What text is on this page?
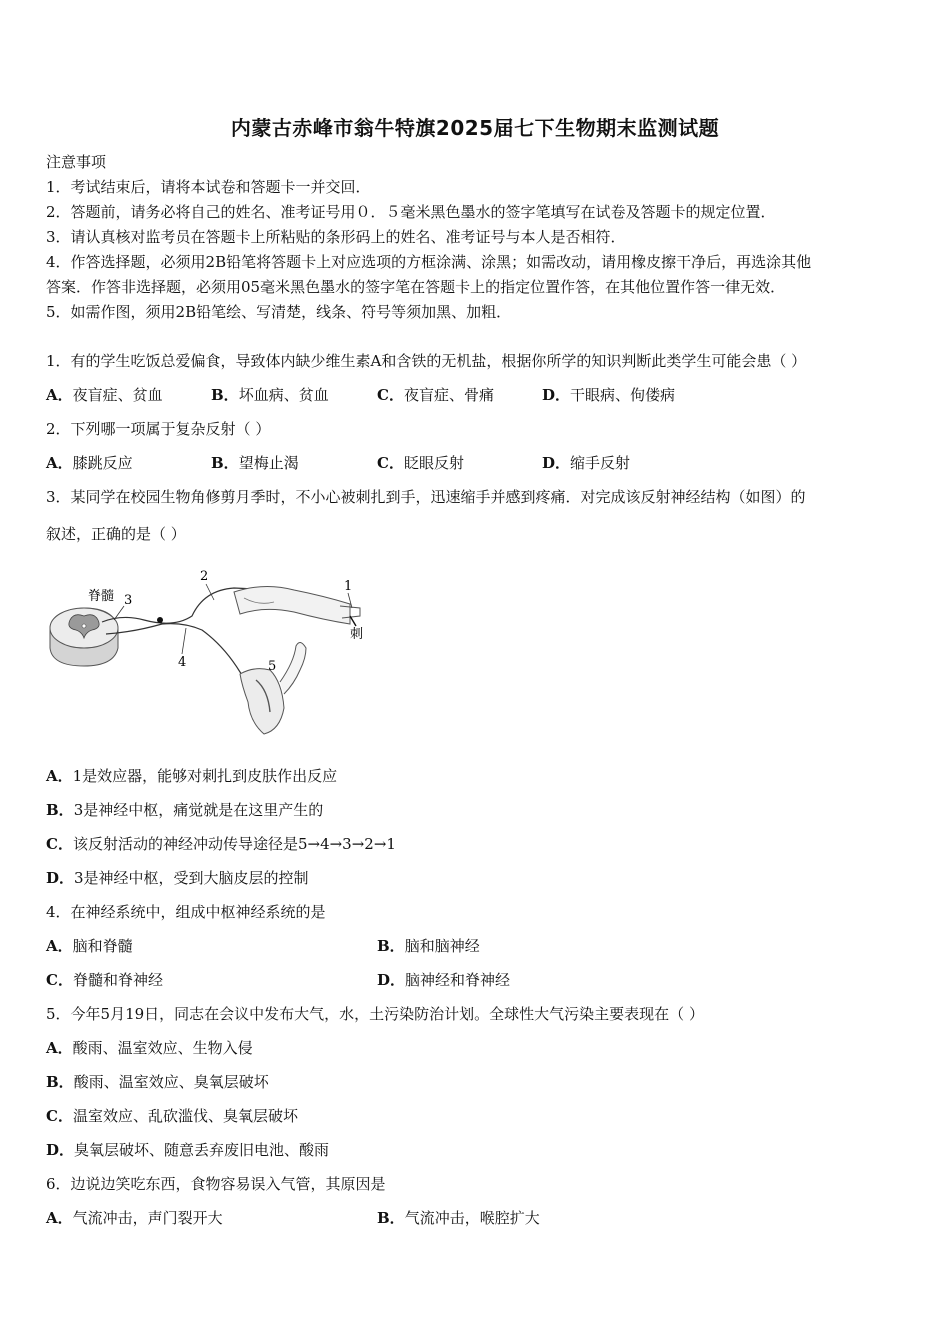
内蒙古赤峰市翁牛特旗2025届七下生物期末监测试题
注意事项
1．考试结束后，请将本试卷和答题卡一并交回．
2．答题前，请务必将自己的姓名、准考证号用０．５毫米黑色墨水的签字笔填写在试卷及答题卡的规定位置．
3．请认真核对监考员在答题卡上所粘贴的条形码上的姓名、准考证号与本人是否相符．
4．作答选择题，必须用2B铅笔将答题卡上对应选项的方框涂满、涂黑；如需改动，请用橡皮擦干净后，再选涂其他
答案．作答非选择题，必须用05毫米黑色墨水的签字笔在答题卡上的指定位置作答，在其他位置作答一律无效．
5．如需作图，须用2B铅笔绘、写清楚，线条、符号等须加黑、加粗．
1．有的学生吃饭总爱偏食，导致体内缺少维生素A和含铁的无机盐，根据你所学的知识判断此类学生可能会患（ ）
A．夜盲症、贫血	B．坏血病、贫血	C．夜盲症、骨痛	D．干眼病、佝偻病
2．下列哪一项属于复杂反射（ ）
A．膝跳反应	B．望梅止渴	C．眨眼反射	D．缩手反射
3．某同学在校园生物角修剪月季时，不小心被刺扎到手，迅速缩手并感到疼痛．对完成该反射神经结构（如图）的
叙述，正确的是（ ）
脊髓 3
2
1
刺
4	5
A．1是效应器，能够对刺扎到皮肤作出反应
B．3是神经中枢，痛觉就是在这里产生的
C．该反射活动的神经冲动传导途径是5→4→3→2→1
D．3是神经中枢，受到大脑皮层的控制
4．在神经系统中，组成中枢神经系统的是
A．脑和脊髓	B．脑和脑神经
C．脊髓和脊神经	D．脑神经和脊神经
5．今年5月19日，同志在会议中发布大气，水，土污染防治计划。全球性大气污染主要表现在（ ）
A．酸雨、温室效应、生物入侵
B．酸雨、温室效应、臭氧层破坏
C．温室效应、乱砍滥伐、臭氧层破坏
D．臭氧层破坏、随意丢弃废旧电池、酸雨
6．边说边笑吃东西，食物容易误入气管，其原因是
A．气流冲击，声门裂开大	B．气流冲击，喉腔扩大
